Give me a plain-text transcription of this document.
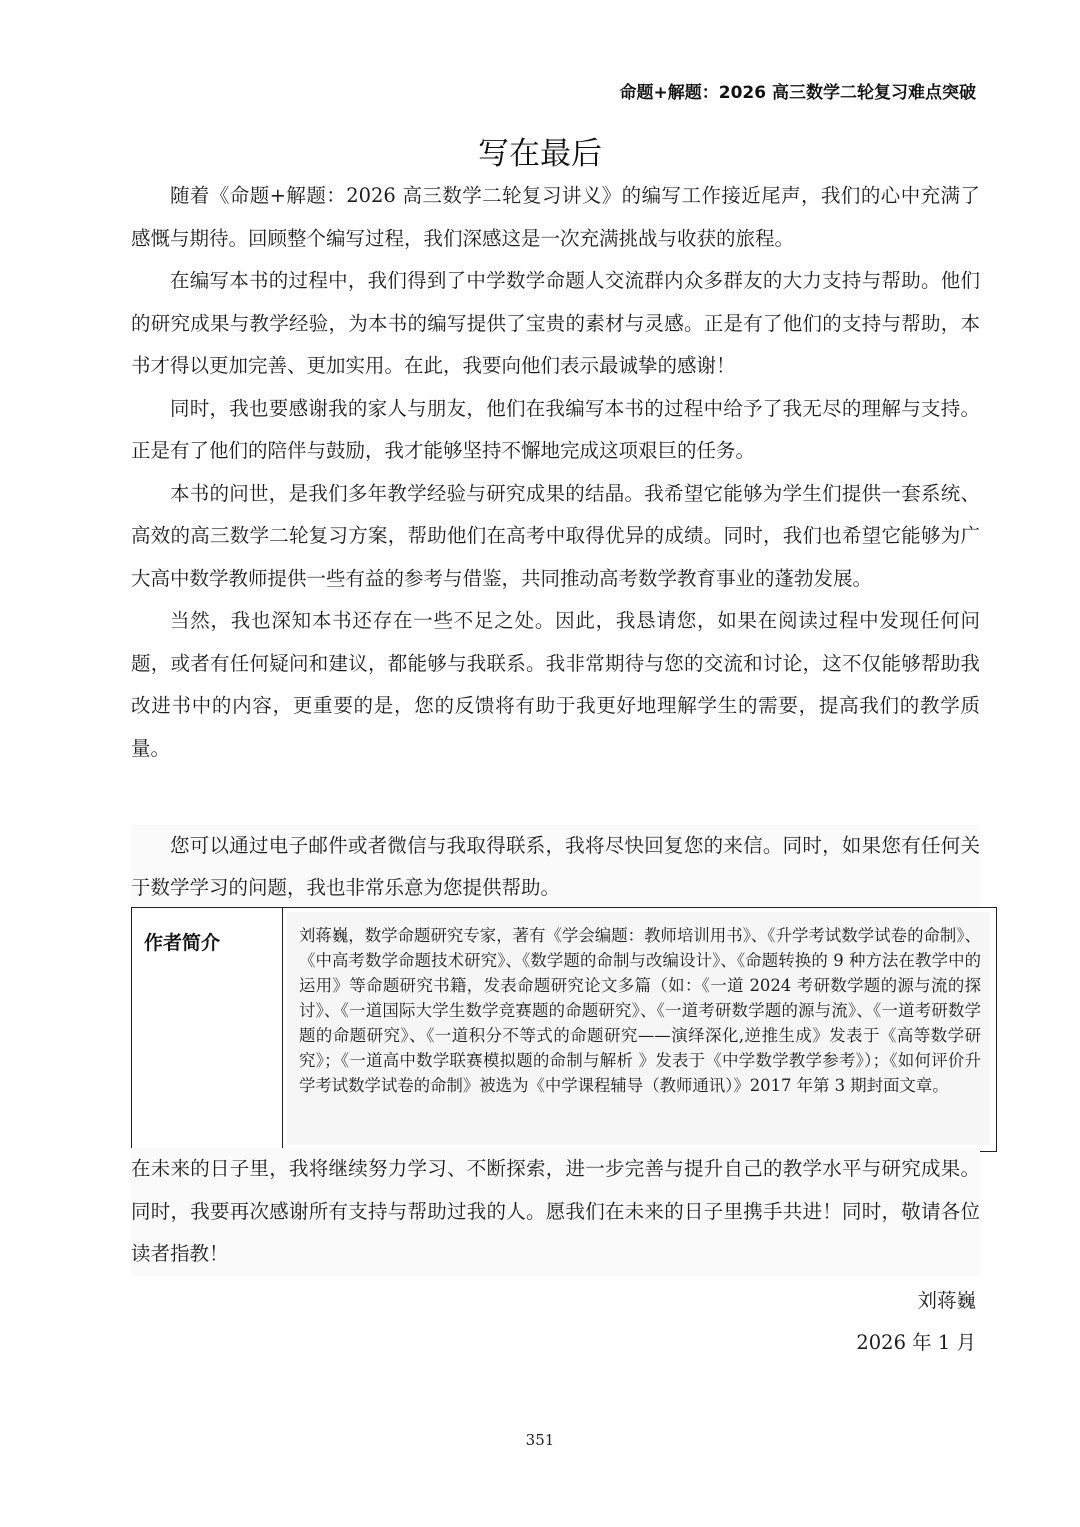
命题+解题：2026 高三数学二轮复习难点突破
写在最后

随着《命题+解题：2026 高三数学二轮复习讲义》的编写工作接近尾声，我们的心中充满了感慨与期待。回顾整个编写过程，我们深感这是一次充满挑战与收获的旅程。

在编写本书的过程中，我们得到了中学数学命题人交流群内众多群友的大力支持与帮助。他们的研究成果与教学经验，为本书的编写提供了宝贵的素材与灵感。正是有了他们的支持与帮助，本书才得以更加完善、更加实用。在此，我要向他们表示最诚挚的感谢！

同时，我也要感谢我的家人与朋友，他们在我编写本书的过程中给予了我无尽的理解与支持。正是有了他们的陪伴与鼓励，我才能够坚持不懈地完成这项艰巨的任务。

本书的问世，是我们多年教学经验与研究成果的结晶。我希望它能够为学生们提供一套系统、高效的高三数学二轮复习方案，帮助他们在高考中取得优异的成绩。同时，我们也希望它能够为广大高中数学教师提供一些有益的参考与借鉴，共同推动高考数学教育事业的蓬勃发展。

当然，我也深知本书还存在一些不足之处。因此，我恳请您，如果在阅读过程中发现任何问题，或者有任何疑问和建议，都能够与我联系。我非常期待与您的交流和讨论，这不仅能够帮助我改进书中的内容，更重要的是，您的反馈将有助于我更好地理解学生的需要，提高我们的教学质量。

您可以通过电子邮件或者微信与我取得联系，我将尽快回复您的来信。同时，如果您有任何关于数学学习的问题，我也非常乐意为您提供帮助。

作者简介	刘蒋巍，数学命题研究专家，著有《学会编题：教师培训用书》、《升学考试数学试卷的命制》、《中高考数学命题技术研究》、《数学题的命制与改编设计》、《命题转换的 9 种方法在教学中的运用》等命题研究书籍，发表命题研究论文多篇（如：《一道 2024 考研数学题的源与流的探讨》、《一道国际大学生数学竞赛题的命题研究》、《一道考研数学题的源与流》、《一道考研数学题的命题研究》、《一道积分不等式的命题研究——演绎深化,逆推生成》发表于《高等数学研究》；《一道高中数学联赛模拟题的命制与解析 》发表于《中学数学教学参考》）；《如何评价升学考试数学试卷的命制》被选为《中学课程辅导（教师通讯）》2017 年第 3 期封面文章。

在未来的日子里，我将继续努力学习、不断探索，进一步完善与提升自己的教学水平与研究成果。同时，我要再次感谢所有支持与帮助过我的人。愿我们在未来的日子里携手共进！同时，敬请各位读者指教！

刘蒋巍
2026 年 1 月
351
